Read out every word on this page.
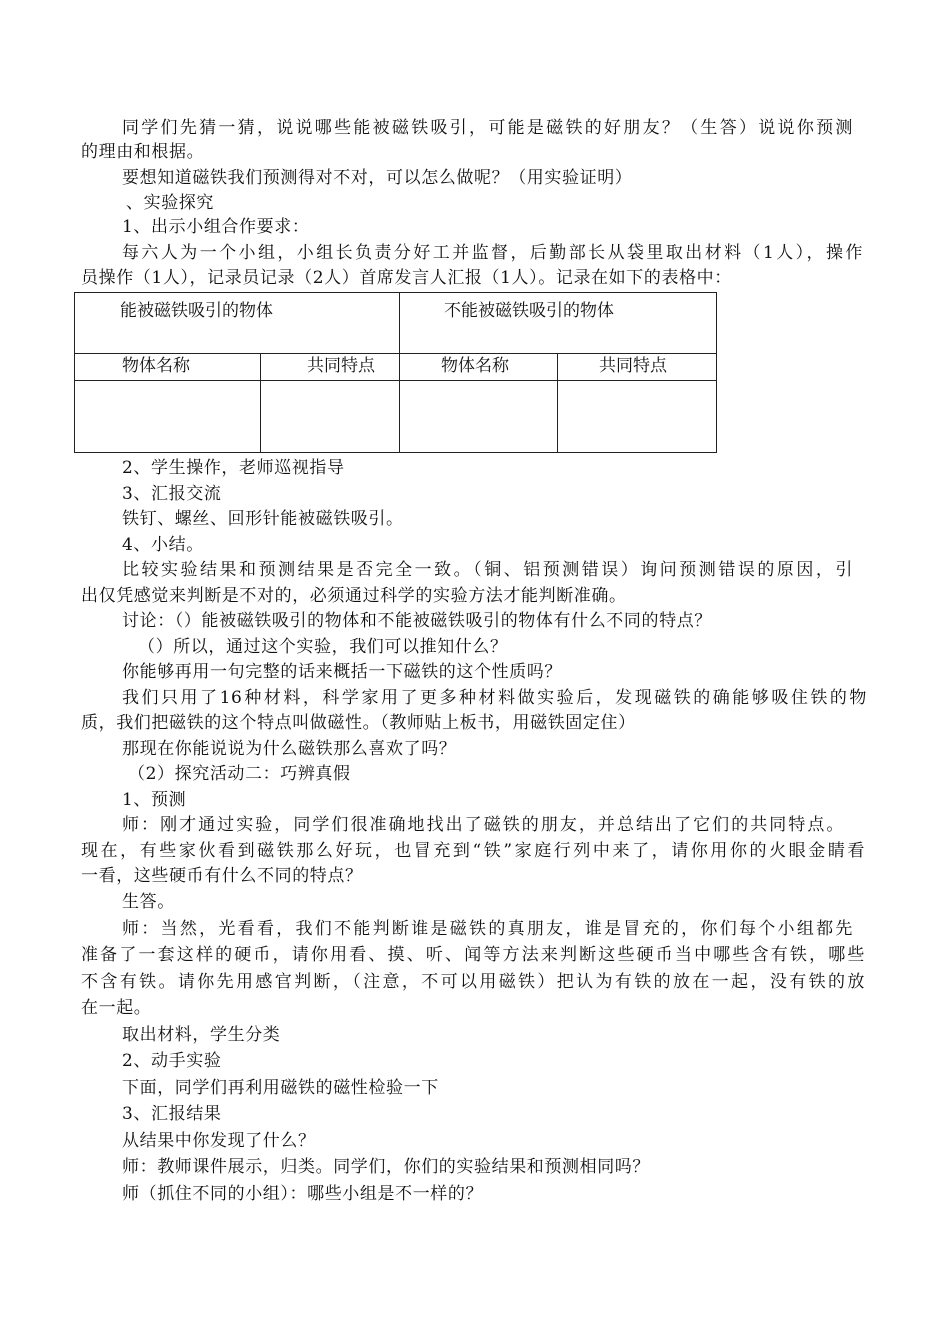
同学们先猜一猜，说说哪些能被磁铁吸引，可能是磁铁的好朋友？（生答）说说你预测
的理由和根据。
要想知道磁铁我们预测得对不对，可以怎么做呢？（用实验证明）
、实验探究
1、出示小组合作要求：
每六人为一个小组，小组长负责分好工并监督，后勤部长从袋里取出材料（1人），操作
员操作（1人），记录员记录（2人）首席发言人汇报（1人）。记录在如下的表格中：
能被磁铁吸引的物体		不能被磁铁吸引的物体	

物体名称	共同特点	物体名称	共同特点

2、学生操作，老师巡视指导
3、汇报交流
铁钉、螺丝、回形针能被磁铁吸引。
4、小结。
比较实验结果和预测结果是否完全一致。（铜、铝预测错误）询问预测错误的原因，引
出仅凭感觉来判断是不对的，必须通过科学的实验方法才能判断准确。
讨论：（）能被磁铁吸引的物体和不能被磁铁吸引的物体有什么不同的特点？
（）所以，通过这个实验，我们可以推知什么？
你能够再用一句完整的话来概括一下磁铁的这个性质吗？
我们只用了16种材料，科学家用了更多种材料做实验后，发现磁铁的确能够吸住铁的物
质，我们把磁铁的这个特点叫做磁性。（教师贴上板书，用磁铁固定住）
那现在你能说说为什么磁铁那么喜欢了吗？
（2）探究活动二：巧辨真假
1、预测
师：刚才通过实验，同学们很准确地找出了磁铁的朋友，并总结出了它们的共同特点。
现在，有些家伙看到磁铁那么好玩，也冒充到“铁”家庭行列中来了，请你用你的火眼金睛看
一看，这些硬币有什么不同的特点？
生答。
师：当然，光看看，我们不能判断谁是磁铁的真朋友，谁是冒充的，你们每个小组都先
准备了一套这样的硬币，请你用看、摸、听、闻等方法来判断这些硬币当中哪些含有铁，哪些
不含有铁。请你先用感官判断，（注意，不可以用磁铁）把认为有铁的放在一起，没有铁的放
在一起。
取出材料，学生分类
2、动手实验
下面，同学们再利用磁铁的磁性检验一下
3、汇报结果
从结果中你发现了什么？
师：教师课件展示，归类。同学们，你们的实验结果和预测相同吗？
师（抓住不同的小组）：哪些小组是不一样的？
